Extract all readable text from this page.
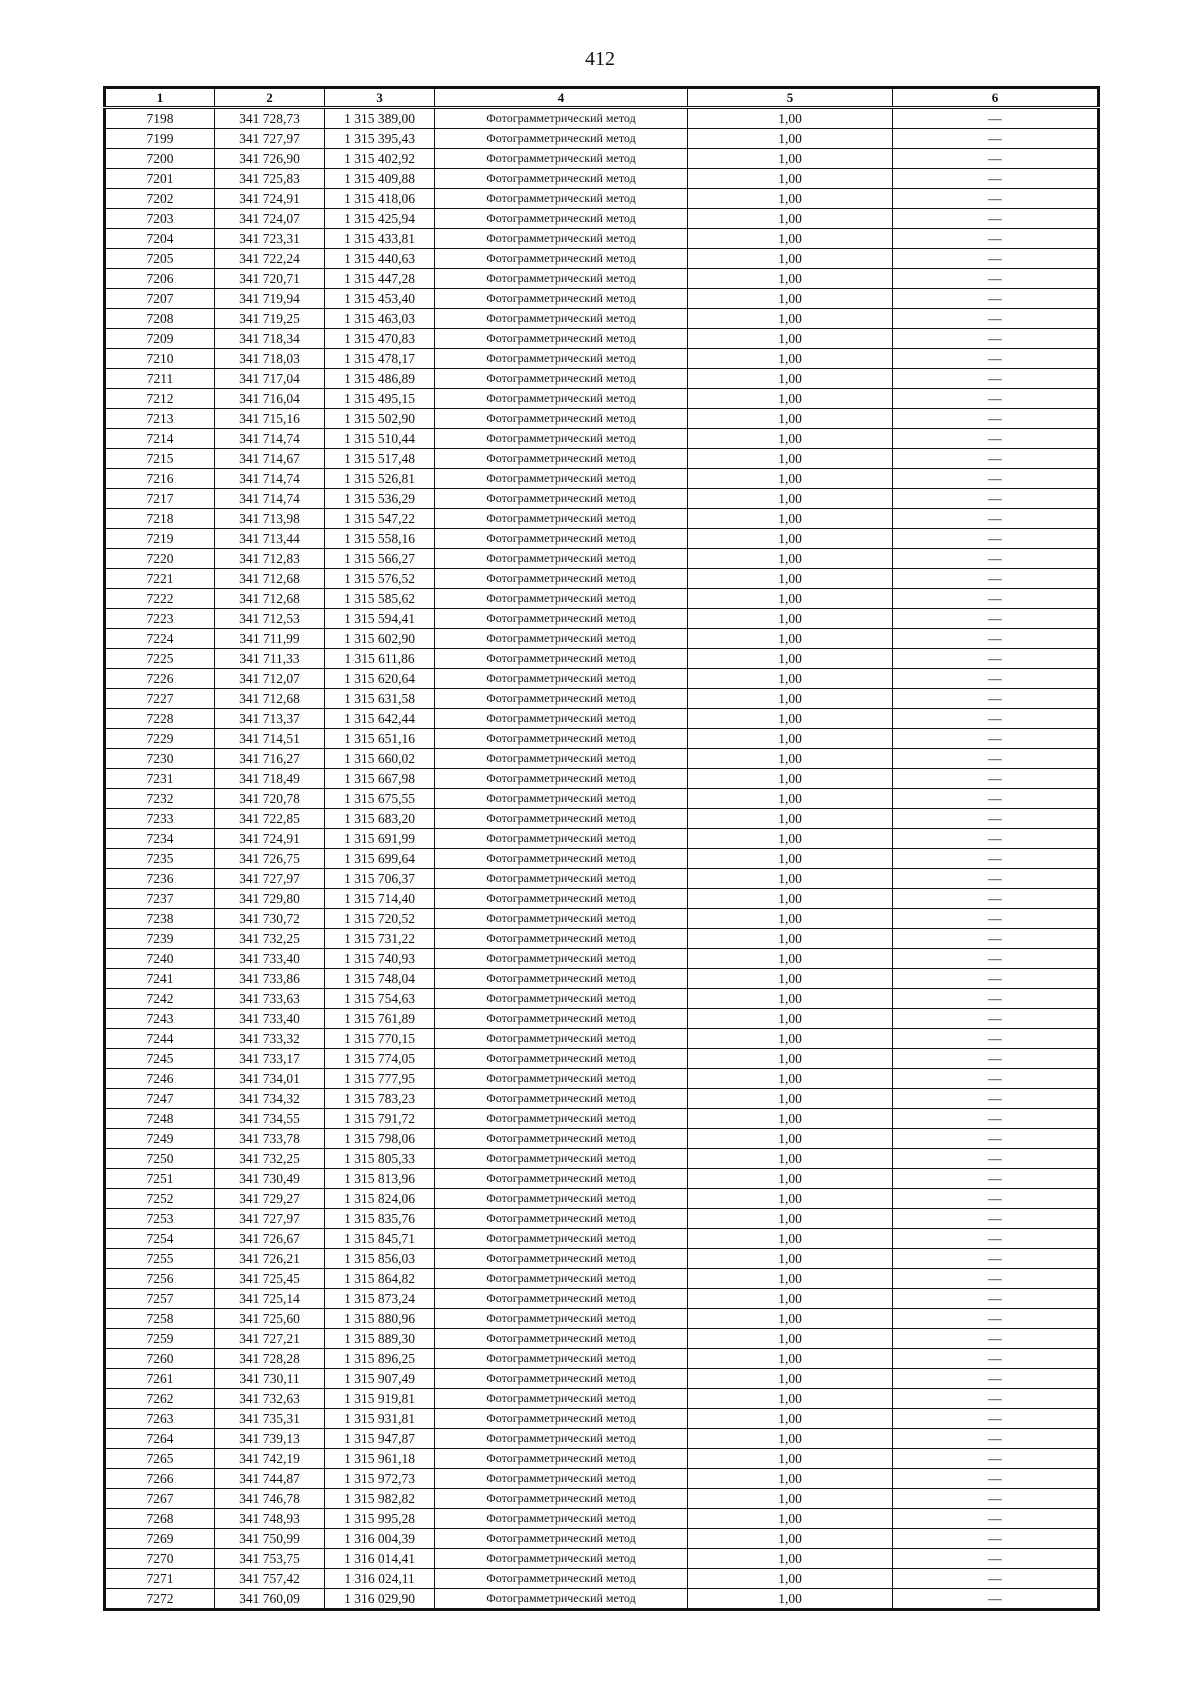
412
1	2	3	4	5	6
7198	341 728,73	1 315 389,00	Фотограмметрический метод	1,00	—
7199	341 727,97	1 315 395,43	Фотограмметрический метод	1,00	—
7200	341 726,90	1 315 402,92	Фотограмметрический метод	1,00	—
7201	341 725,83	1 315 409,88	Фотограмметрический метод	1,00	—
7202	341 724,91	1 315 418,06	Фотограмметрический метод	1,00	—
7203	341 724,07	1 315 425,94	Фотограмметрический метод	1,00	—
7204	341 723,31	1 315 433,81	Фотограмметрический метод	1,00	—
7205	341 722,24	1 315 440,63	Фотограмметрический метод	1,00	—
7206	341 720,71	1 315 447,28	Фотограмметрический метод	1,00	—
7207	341 719,94	1 315 453,40	Фотограмметрический метод	1,00	—
7208	341 719,25	1 315 463,03	Фотограмметрический метод	1,00	—
7209	341 718,34	1 315 470,83	Фотограмметрический метод	1,00	—
7210	341 718,03	1 315 478,17	Фотограмметрический метод	1,00	—
7211	341 717,04	1 315 486,89	Фотограмметрический метод	1,00	—
7212	341 716,04	1 315 495,15	Фотограмметрический метод	1,00	—
7213	341 715,16	1 315 502,90	Фотограмметрический метод	1,00	—
7214	341 714,74	1 315 510,44	Фотограмметрический метод	1,00	—
7215	341 714,67	1 315 517,48	Фотограмметрический метод	1,00	—
7216	341 714,74	1 315 526,81	Фотограмметрический метод	1,00	—
7217	341 714,74	1 315 536,29	Фотограмметрический метод	1,00	—
7218	341 713,98	1 315 547,22	Фотограмметрический метод	1,00	—
7219	341 713,44	1 315 558,16	Фотограмметрический метод	1,00	—
7220	341 712,83	1 315 566,27	Фотограмметрический метод	1,00	—
7221	341 712,68	1 315 576,52	Фотограмметрический метод	1,00	—
7222	341 712,68	1 315 585,62	Фотограмметрический метод	1,00	—
7223	341 712,53	1 315 594,41	Фотограмметрический метод	1,00	—
7224	341 711,99	1 315 602,90	Фотограмметрический метод	1,00	—
7225	341 711,33	1 315 611,86	Фотограмметрический метод	1,00	—
7226	341 712,07	1 315 620,64	Фотограмметрический метод	1,00	—
7227	341 712,68	1 315 631,58	Фотограмметрический метод	1,00	—
7228	341 713,37	1 315 642,44	Фотограмметрический метод	1,00	—
7229	341 714,51	1 315 651,16	Фотограмметрический метод	1,00	—
7230	341 716,27	1 315 660,02	Фотограмметрический метод	1,00	—
7231	341 718,49	1 315 667,98	Фотограмметрический метод	1,00	—
7232	341 720,78	1 315 675,55	Фотограмметрический метод	1,00	—
7233	341 722,85	1 315 683,20	Фотограмметрический метод	1,00	—
7234	341 724,91	1 315 691,99	Фотограмметрический метод	1,00	—
7235	341 726,75	1 315 699,64	Фотограмметрический метод	1,00	—
7236	341 727,97	1 315 706,37	Фотограмметрический метод	1,00	—
7237	341 729,80	1 315 714,40	Фотограмметрический метод	1,00	—
7238	341 730,72	1 315 720,52	Фотограмметрический метод	1,00	—
7239	341 732,25	1 315 731,22	Фотограмметрический метод	1,00	—
7240	341 733,40	1 315 740,93	Фотограмметрический метод	1,00	—
7241	341 733,86	1 315 748,04	Фотограмметрический метод	1,00	—
7242	341 733,63	1 315 754,63	Фотограмметрический метод	1,00	—
7243	341 733,40	1 315 761,89	Фотограмметрический метод	1,00	—
7244	341 733,32	1 315 770,15	Фотограмметрический метод	1,00	—
7245	341 733,17	1 315 774,05	Фотограмметрический метод	1,00	—
7246	341 734,01	1 315 777,95	Фотограмметрический метод	1,00	—
7247	341 734,32	1 315 783,23	Фотограмметрический метод	1,00	—
7248	341 734,55	1 315 791,72	Фотограмметрический метод	1,00	—
7249	341 733,78	1 315 798,06	Фотограмметрический метод	1,00	—
7250	341 732,25	1 315 805,33	Фотограмметрический метод	1,00	—
7251	341 730,49	1 315 813,96	Фотограмметрический метод	1,00	—
7252	341 729,27	1 315 824,06	Фотограмметрический метод	1,00	—
7253	341 727,97	1 315 835,76	Фотограмметрический метод	1,00	—
7254	341 726,67	1 315 845,71	Фотограмметрический метод	1,00	—
7255	341 726,21	1 315 856,03	Фотограмметрический метод	1,00	—
7256	341 725,45	1 315 864,82	Фотограмметрический метод	1,00	—
7257	341 725,14	1 315 873,24	Фотограмметрический метод	1,00	—
7258	341 725,60	1 315 880,96	Фотограмметрический метод	1,00	—
7259	341 727,21	1 315 889,30	Фотограмметрический метод	1,00	—
7260	341 728,28	1 315 896,25	Фотограмметрический метод	1,00	—
7261	341 730,11	1 315 907,49	Фотограмметрический метод	1,00	—
7262	341 732,63	1 315 919,81	Фотограмметрический метод	1,00	—
7263	341 735,31	1 315 931,81	Фотограмметрический метод	1,00	—
7264	341 739,13	1 315 947,87	Фотограмметрический метод	1,00	—
7265	341 742,19	1 315 961,18	Фотограмметрический метод	1,00	—
7266	341 744,87	1 315 972,73	Фотограмметрический метод	1,00	—
7267	341 746,78	1 315 982,82	Фотограмметрический метод	1,00	—
7268	341 748,93	1 315 995,28	Фотограмметрический метод	1,00	—
7269	341 750,99	1 316 004,39	Фотограмметрический метод	1,00	—
7270	341 753,75	1 316 014,41	Фотограмметрический метод	1,00	—
7271	341 757,42	1 316 024,11	Фотограмметрический метод	1,00	—
7272	341 760,09	1 316 029,90	Фотограмметрический метод	1,00	—
